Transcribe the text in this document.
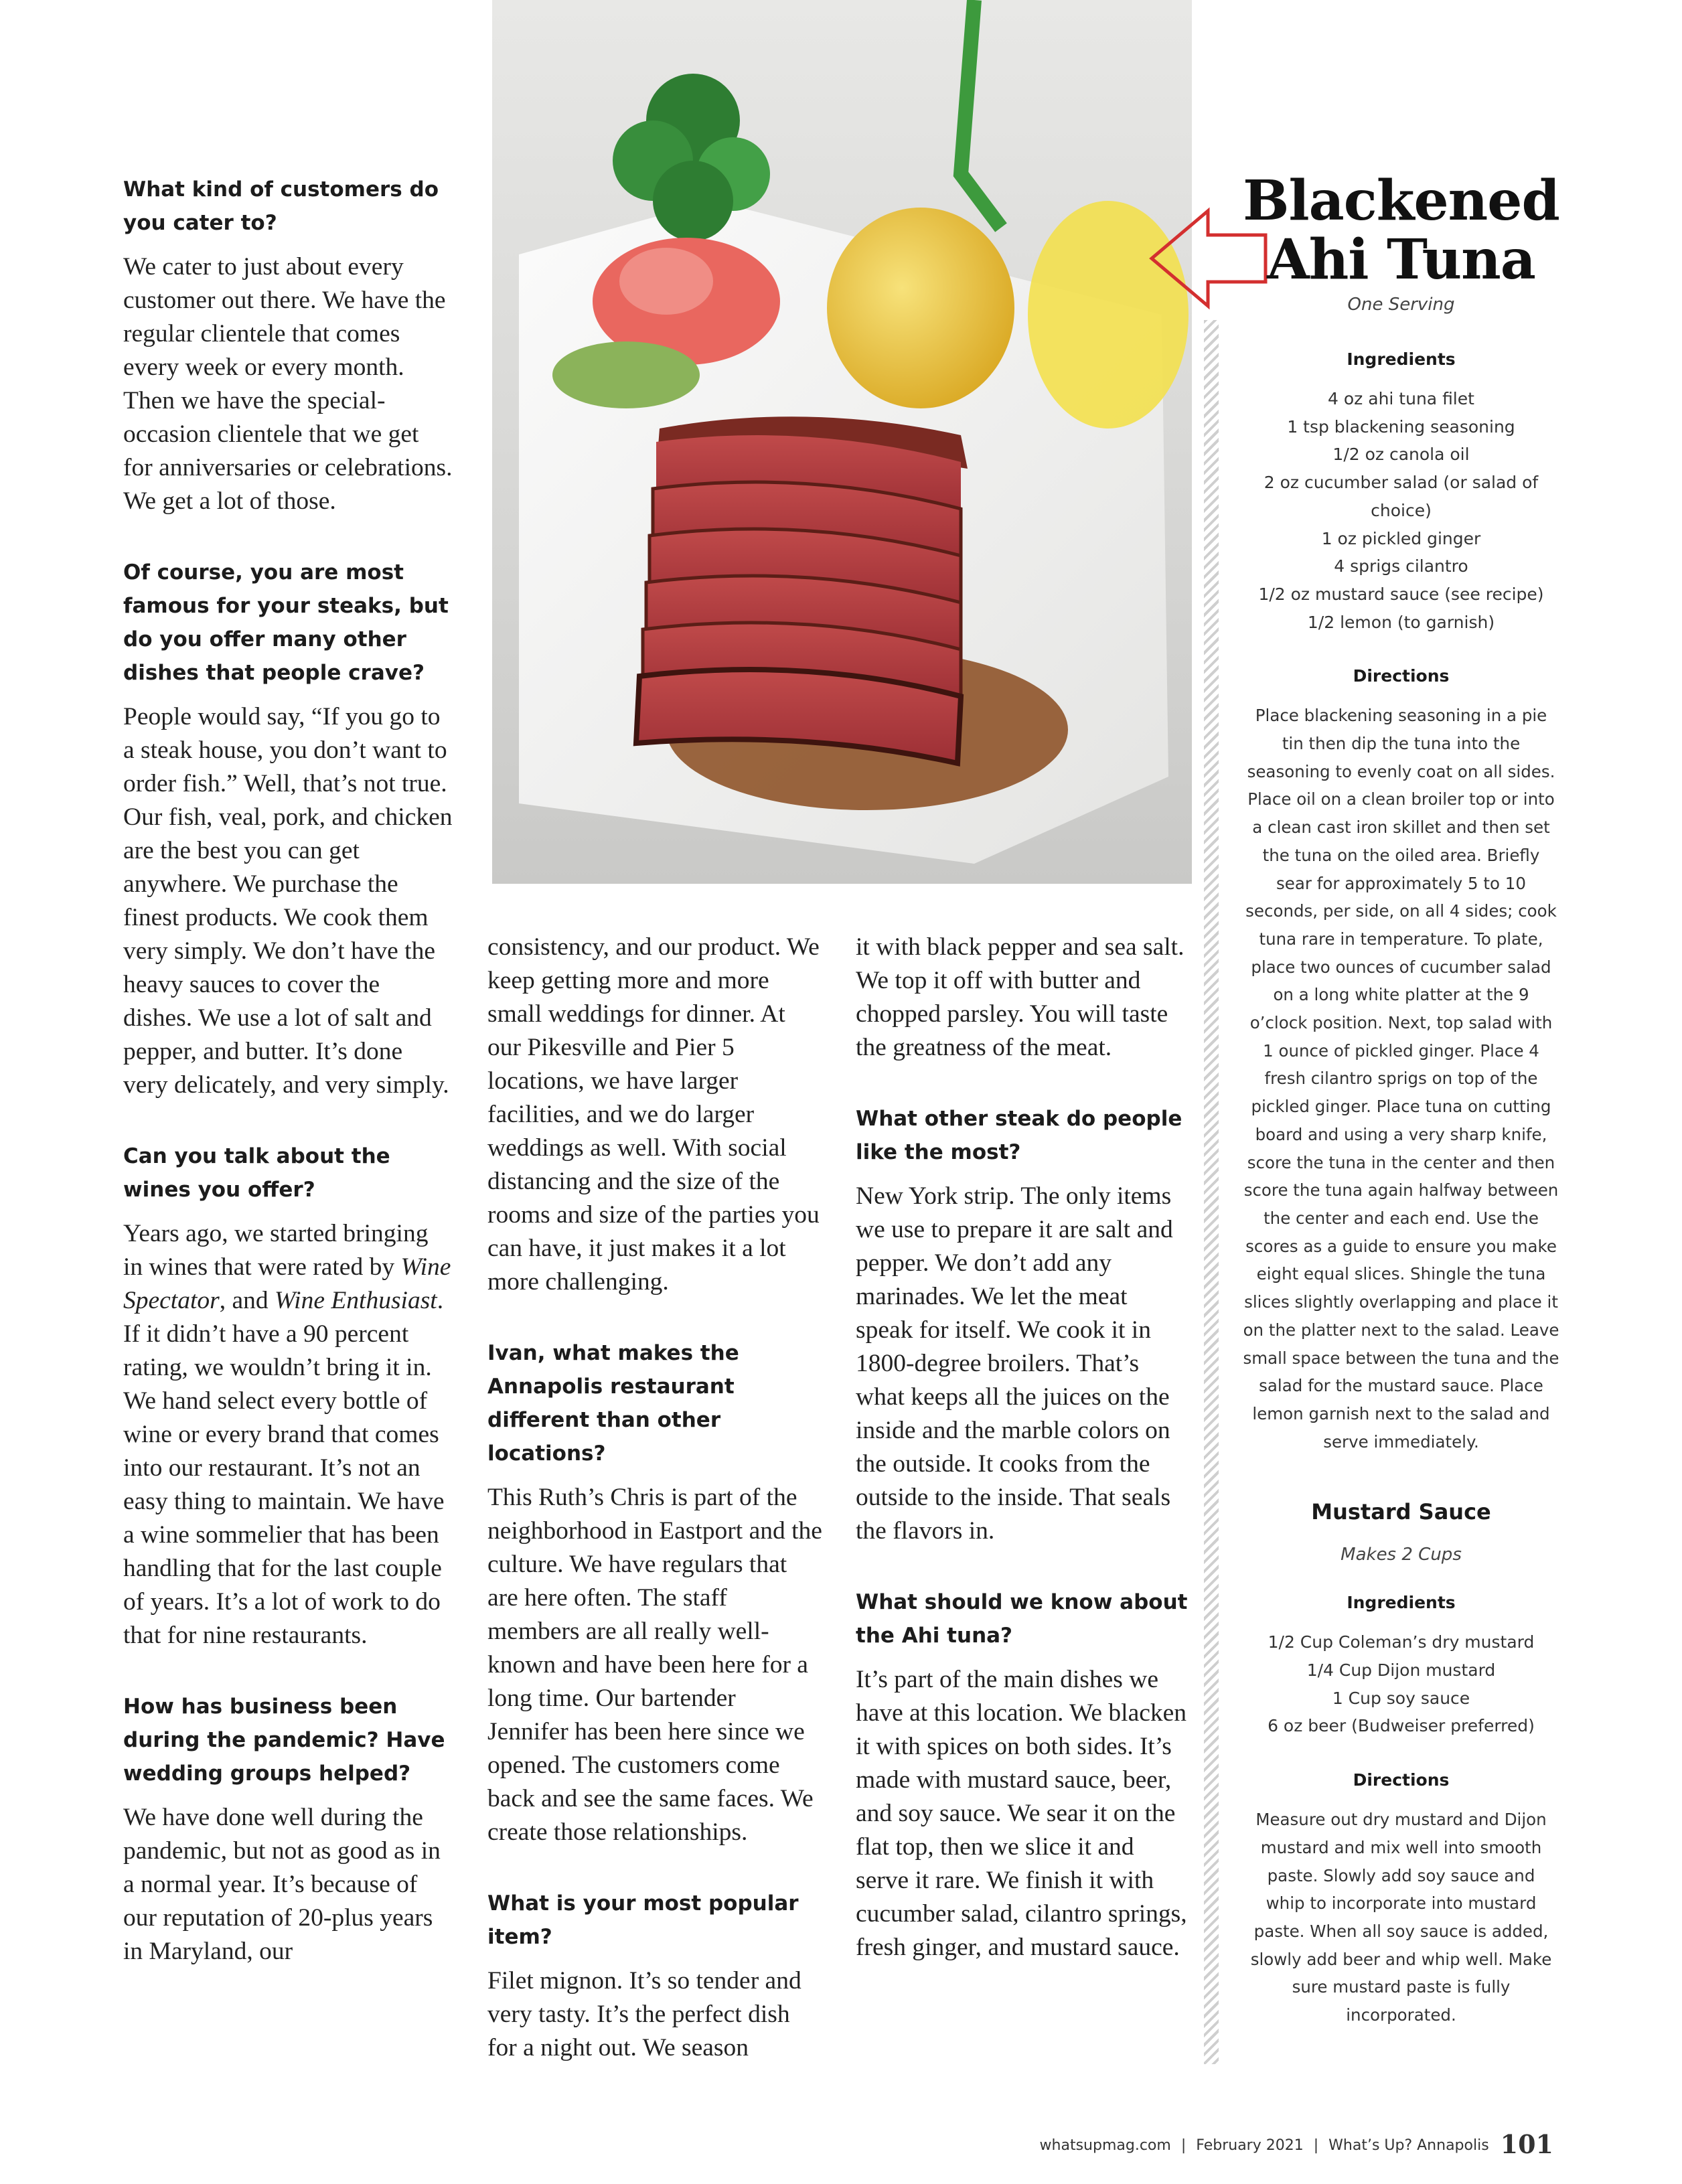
What kind of customers do you cater to?

We cater to just about every customer out there. We have the regular clientele that comes every week or every month. Then we have the special-occasion clientele that we get for anniversaries or celebrations. We get a lot of those.

Of course, you are most famous for your steaks, but do you offer many other dishes that people crave?

People would say, “If you go to a steak house, you don’t want to order fish.” Well, that’s not true. Our fish, veal, pork, and chicken are the best you can get anywhere. We purchase the finest products. We cook them very simply. We don’t have the heavy sauces to cover the dishes. We use a lot of salt and pepper, and butter. It’s done very delicately, and very simply.

Can you talk about the wines you offer?

Years ago, we started bringing in wines that were rated by Wine Spectator, and Wine Enthusiast. If it didn’t have a 90 percent rating, we wouldn’t bring it in. We hand select every bottle of wine or every brand that comes into our restaurant. It’s not an easy thing to maintain. We have a wine sommelier that has been handling that for the last couple of years. It’s a lot of work to do that for nine restaurants.

How has business been during the pandemic? Have wedding groups helped?

We have done well during the pandemic, but not as good as in a normal year. It’s because of our reputation of 20-plus years in Maryland, our

consistency, and our product. We keep getting more and more small weddings for dinner. At our Pikesville and Pier 5 locations, we have larger facilities, and we do larger weddings as well. With social distancing and the size of the rooms and size of the parties you can have, it just makes it a lot more challenging.

Ivan, what makes the Annapolis restaurant different than other locations?

This Ruth’s Chris is part of the neighborhood in Eastport and the culture. We have regulars that are here often. The staff members are all really well-known and have been here for a long time. Our bartender Jennifer has been here since we opened. The customers come back and see the same faces. We create those relationships.

What is your most popular item?

Filet mignon. It’s so tender and very tasty. It’s the perfect dish for a night out. We season

it with black pepper and sea salt. We top it off with butter and chopped parsley. You will taste the greatness of the meat.

What other steak do people like the most?

New York strip. The only items we use to prepare it are salt and pepper. We don’t add any marinades. We let the meat speak for itself. We cook it in 1800-degree broilers. That’s what keeps all the juices on the inside and the marble colors on the outside. It cooks from the outside to the inside. That seals the flavors in.

What should we know about the Ahi tuna?

It’s part of the main dishes we have at this location. We blacken it with spices on both sides. It’s made with mustard sauce, beer, and soy sauce. We sear it on the flat top, then we slice it and serve it rare. We finish it with cucumber salad, cilantro springs, fresh ginger, and mustard sauce.

Blackened
Ahi Tuna

One Serving

Ingredients

4 oz ahi tuna filet

1 tsp blackening seasoning

1/2 oz canola oil

2 oz cucumber salad (or salad of choice)

1 oz pickled ginger

4 sprigs cilantro

1/2 oz mustard sauce (see recipe)

1/2 lemon (to garnish)

Directions

Place blackening seasoning in a pie tin then dip the tuna into the seasoning to evenly coat on all sides. Place oil on a clean broiler top or into a clean cast iron skillet and then set the tuna on the oiled area. Briefly sear for approximately 5 to 10 seconds, per side, on all 4 sides; cook tuna rare in temperature. To plate, place two ounces of cucumber salad on a long white platter at the 9 o’clock position. Next, top salad with 1 ounce of pickled ginger. Place 4 fresh cilantro sprigs on top of the pickled ginger. Place tuna on cutting board and using a very sharp knife, score the tuna in the center and then score the tuna again halfway between the center and each end. Use the scores as a guide to ensure you make eight equal slices. Shingle the tuna slices slightly overlapping and place it on the platter next to the salad. Leave small space between the tuna and the salad for the mustard sauce. Place lemon garnish next to the salad and serve immediately.

Mustard Sauce

Makes 2 Cups

Ingredients

1/2 Cup Coleman’s dry mustard

1/4 Cup Dijon mustard

1 Cup soy sauce

6 oz beer (Budweiser preferred)

Directions

Measure out dry mustard and Dijon mustard and mix well into smooth paste. Slowly add soy sauce and whip to incorporate into mustard paste. When all soy sauce is added, slowly add beer and whip well. Make sure mustard paste is fully incorporated.

whatsupmag.com | February 2021 | What’s Up? Annapolis 101
